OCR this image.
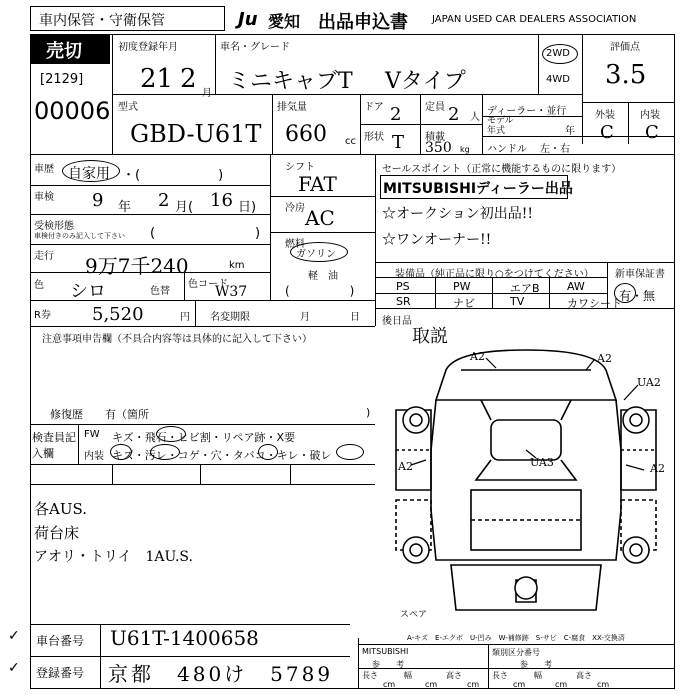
車内保管・守衛保管	Ju 愛知 出品申込書 JAPAN USED CAR DEALERS ASSOCIATION
売切
[2129]
00006
初度登録年月
21 2 月
車名・グレード
ミニキャブT Vタイプ
2WD
4WD
評価点
3.5
外装	内装
C C
型式
GBD-U61T
排気量
660 cc
ドア 2 定員 2 人
形状 T 積載
350 kg
ディーラー・並行
モデル年式	年
ハンドル 左・右
車歴 自家用 ・(　　　　　　)
車検 9 年 2 月( 16 日)
受検形態
車検付きのみ記入して下さい (	)
走行 9万7千240	km
色 シロ	色替
色コード
W37
R券 5,520	円 名変期限	月	日
シフト
FAT
冷房 AC
燃料
ガソリン
軽　油
(　　　　　)
セールスポイント（正常に機能するものに限ります）
MITSUBISHIディーラー出品
☆オークション初出品!!
☆ワンオーナー!!
装備品（純正品に限り○をつけてください） 新車保証書
有・無
PS	PW	エアB AW
SR	ナビ	TV	カワシート
後日品
取説
注意事項申告欄（不具合内容等は具体的に記入して下さい）
修復歴　　有（箇所	)
検査員記入欄
FW キズ・飛石・ヒビ割・リペア跡・X要
内装 キズ・汚レ・コゲ・穴・タバコ・キレ・破レ
各AUS.
荷台床
アオリ・トリイ　1AU.S.
A2	A2
UA2
A2	A2
UA3
スペア
A-キズ　E-エクボ　U-凹み　W-補修跡　S-サビ　C-腐食　XX-交換済
✓ 車台番号 U61T-1400658
✓ 登録番号 京都　480け　5789
MITSUBISHI
参　　考
類別区分番号
参　　考
長さ
cm
幅
cm
高さ
cm
長さ
cm
幅
cm
高さ
cm
